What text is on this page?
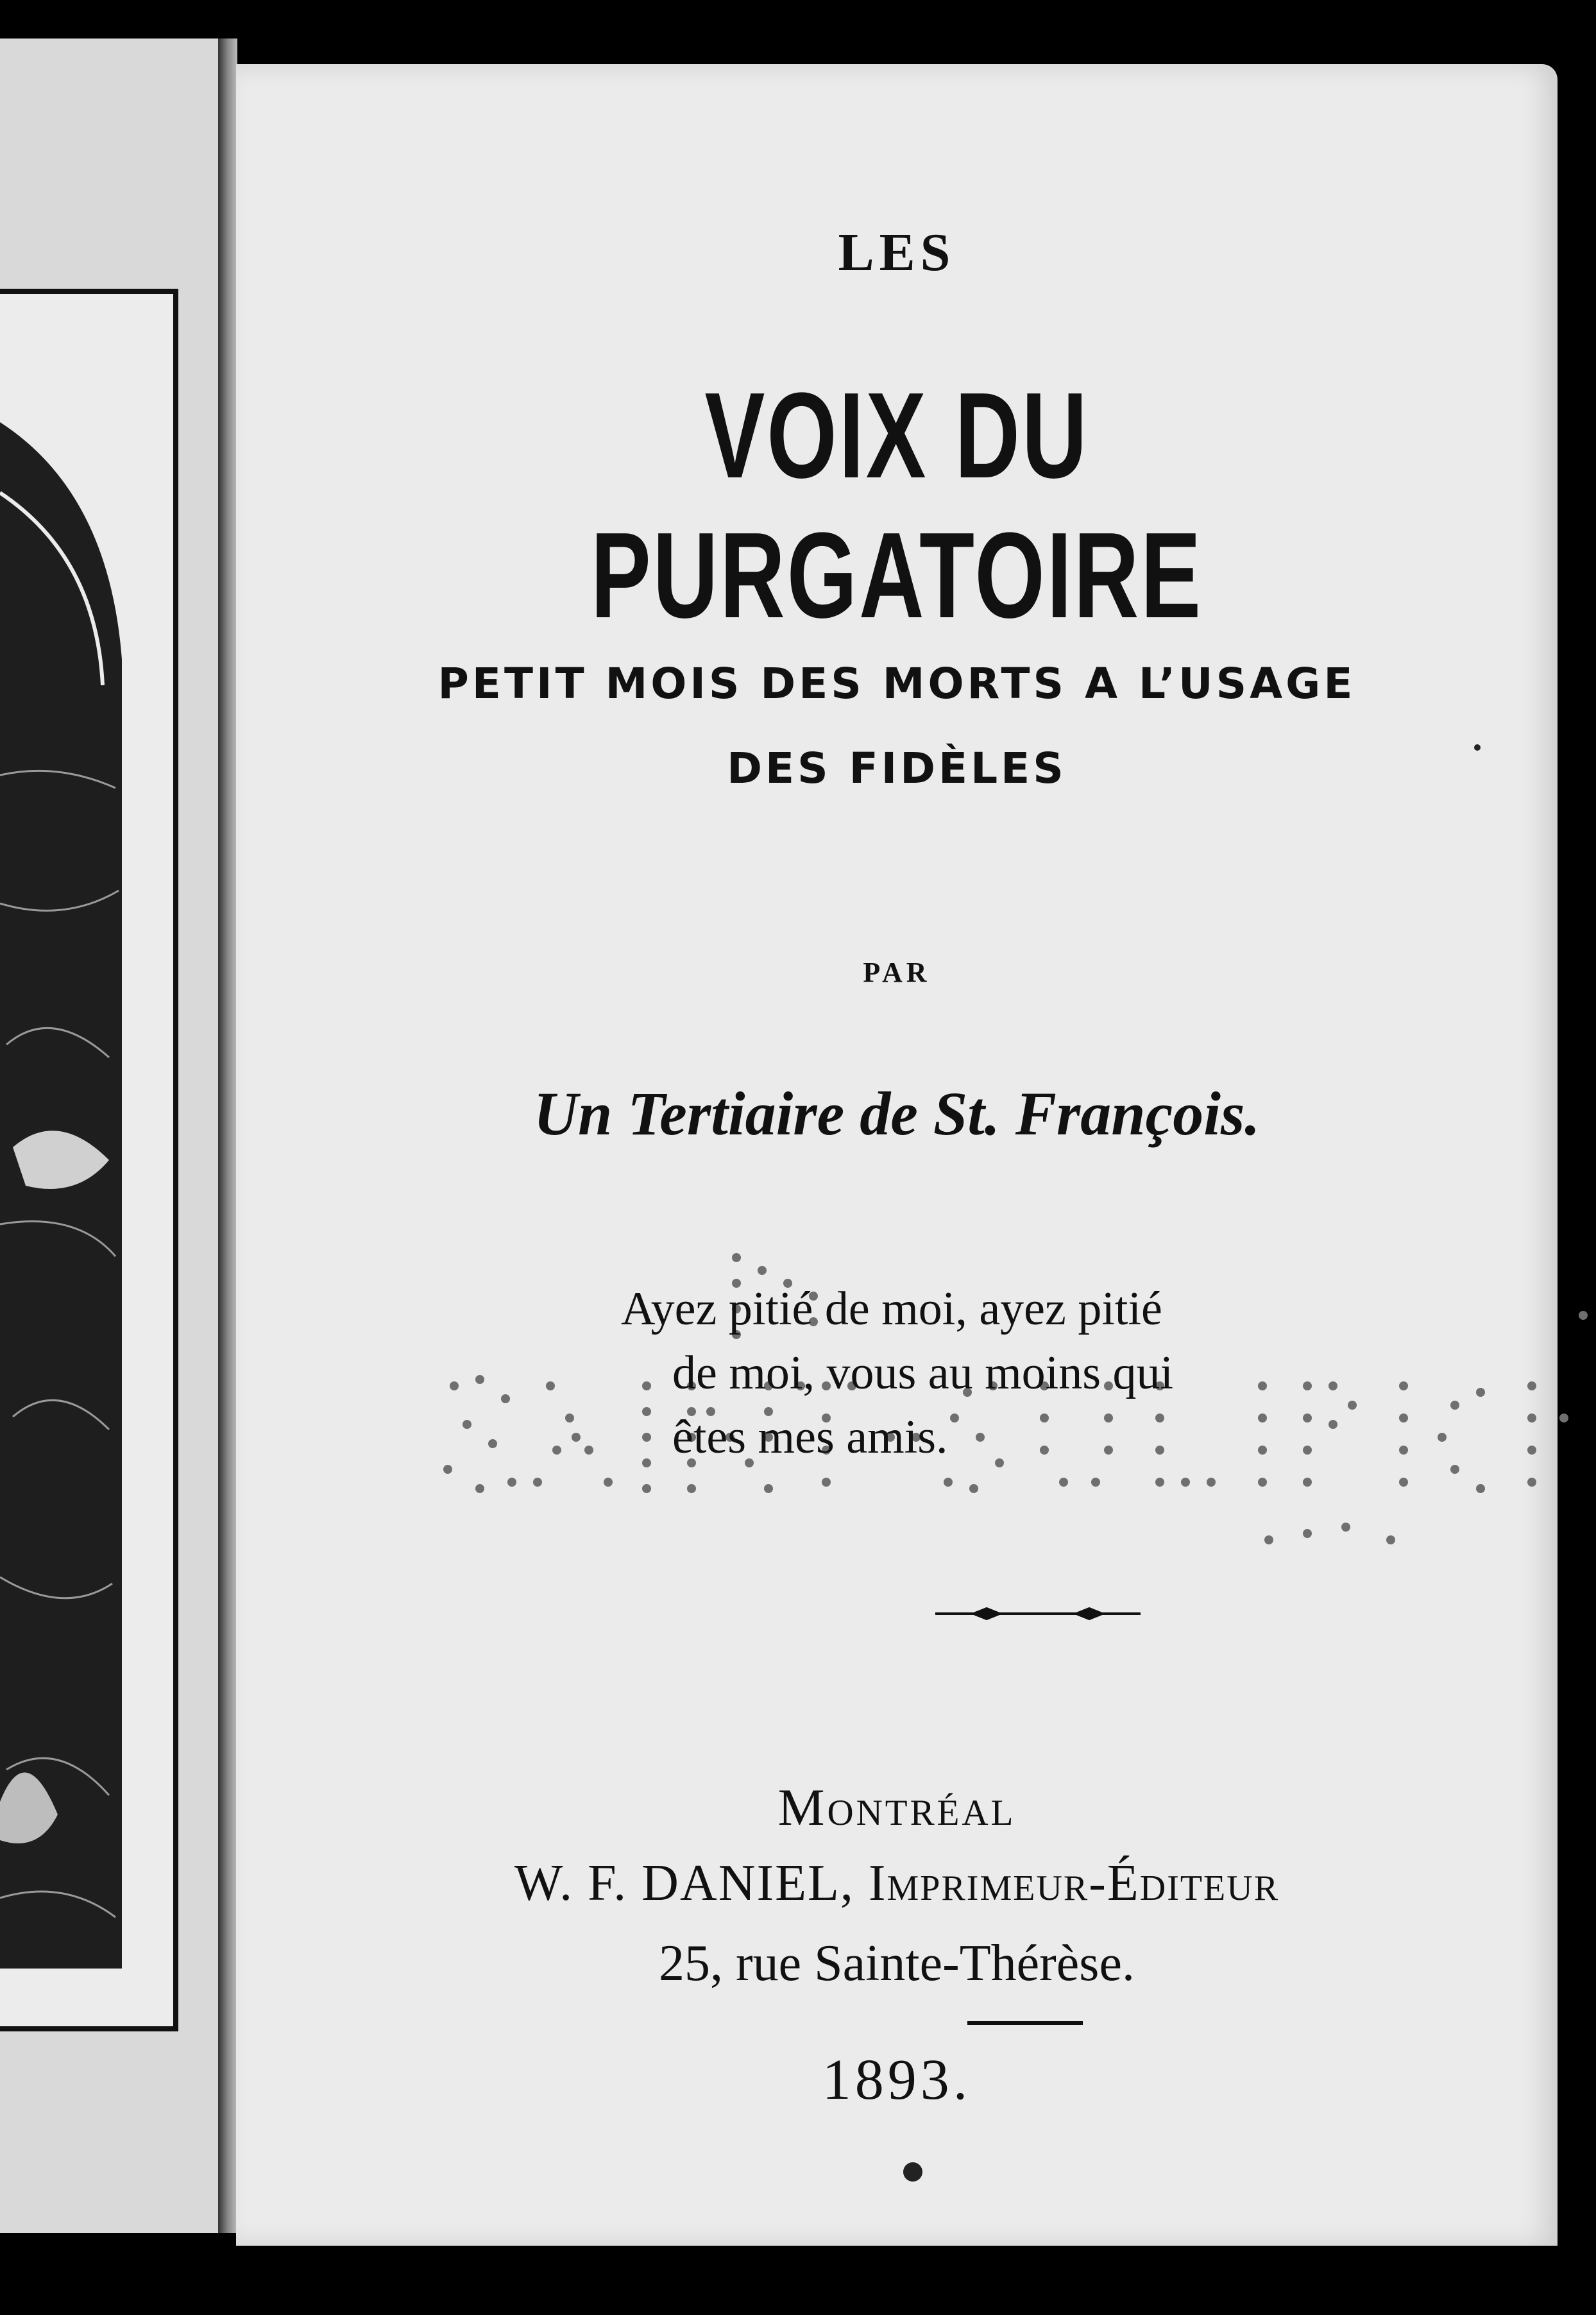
LES

VOIX DU PURGATOIRE

PETIT MOIS DES MORTS A L’USAGE
DES FIDÈLES

PAR

Un Tertiaire de St. François.

Ayez pitié de moi, ayez pitié
de moi, vous au moins qui
êtes mes amis.

Montréal

W. F. DANIEL, Imprimeur-Éditeur

25, rue Sainte-Thérèse.

1893.
